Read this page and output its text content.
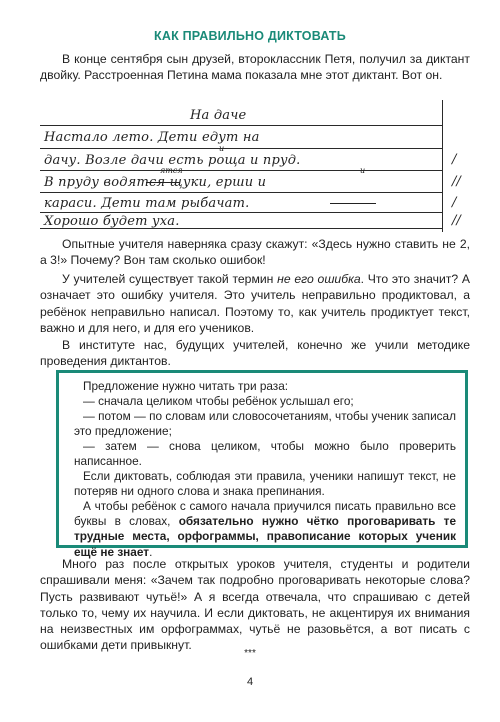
КАК ПРАВИЛЬНО ДИКТОВАТЬ

В конце сентября сын друзей, второклассник Петя, получил за диктант двойку. Расстроенная Петина мама показала мне этот диктант. Вот он.

На даче
Настало лето. Дети едут на
дачу. Возле дачи есть роща и пруд.
В пруду водятся щуки, ерши и
караси. Дети там рыбачат.
Хорошо будет уха.
и
ятся	и
/
//
/
//

Опытные учителя наверняка сразу скажут: «Здесь нужно ставить не 2, а 3!» Почему? Вон там сколько ошибок!

У учителей существует такой термин не его ошибка. Что это значит? А означает это ошибку учителя. Это учитель неправильно продиктовал, а ребёнок неправильно написал. Поэтому то, как учитель продиктует текст, важно и для него, и для его учеников.

Предложение нужно читать три раза:

— сначала целиком чтобы ребёнок услышал его;

— потом — по словам или словосочетаниям, чтобы ученик записал это предложение;

— затем — снова целиком, чтобы можно было проверить написанное.

Если диктовать, соблюдая эти правила, ученики напишут текст, не потеряв ни одного слова и знака препинания.

А чтобы ребёнок с самого начала приучился писать правильно все буквы в словах, обязательно нужно чётко проговаривать те трудные места, орфограммы, правописание которых ученик ещё не знает.

Много раз после открытых уроков учителя, студенты и родители спрашивали меня: «Зачем так подробно проговаривать некоторые слова? Пусть развивают чутьё!» А я всегда отвечала, что спрашиваю с детей только то, чему их научила. И если диктовать, не акцентируя их внимания на неизвестных им орфограммах, чутьё не разовьётся, а вот писать с ошибками дети привыкнут.

***
4

В институте нас, будущих учителей, конечно же учили методике проведения диктантов.
